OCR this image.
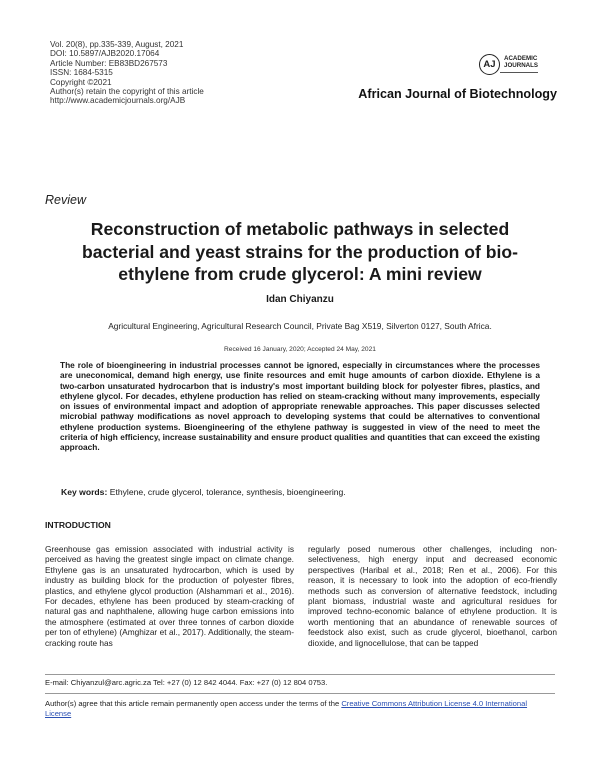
Vol. 20(8), pp.335-339, August, 2021
DOI: 10.5897/AJB2020.17064
Article Number: EB83BD267573
ISSN: 1684-5315
Copyright ©2021
Author(s) retain the copyright of this article
http://www.academicjournals.org/AJB
AJ
ACADEMIC
JOURNALS
African Journal of Biotechnology
Review
Reconstruction of metabolic pathways in selected bacterial and yeast strains for the production of bio-ethylene from crude glycerol: A mini review
Idan Chiyanzu
Agricultural Engineering, Agricultural Research Council, Private Bag X519, Silverton 0127, South Africa.
Received 16 January, 2020; Accepted 24 May, 2021
The role of bioengineering in industrial processes cannot be ignored, especially in circumstances where the processes are uneconomical, demand high energy, use finite resources and emit huge amounts of carbon dioxide. Ethylene is a two-carbon unsaturated hydrocarbon that is industry's most important building block for polyester fibres, plastics, and ethylene glycol. For decades, ethylene production has relied on steam-cracking without many improvements, especially on issues of environmental impact and adoption of appropriate renewable approaches. This paper discusses selected microbial pathway modifications as novel approach to developing systems that could be alternatives to conventional ethylene production systems. Bioengineering of the ethylene pathway is suggested in view of the need to meet the criteria of high efficiency, increase sustainability and ensure product qualities and quantities that can exceed the existing approach.
Key words: Ethylene, crude glycerol, tolerance, synthesis, bioengineering.
INTRODUCTION
Greenhouse gas emission associated with industrial activity is perceived as having the greatest single impact on climate change. Ethylene gas is an unsaturated hydrocarbon, which is used by industry as building block for the production of polyester fibres, plastics, and ethylene glycol production (Alshammari et al., 2016). For decades, ethylene has been produced by steam-cracking of natural gas and naphthalene, allowing huge carbon emissions into the atmosphere (estimated at over three tonnes of carbon dioxide per ton of ethylene) (Amghizar et al., 2017). Additionally, the steam-cracking route has
regularly posed numerous other challenges, including non-selectiveness, high energy input and decreased economic perspectives (Haribal et al., 2018; Ren et al., 2006). For this reason, it is necessary to look into the adoption of eco-friendly methods such as conversion of alternative feedstock, including plant biomass, industrial waste and agricultural residues for improved techno-economic balance of ethylene production. It is worth mentioning that an abundance of renewable sources of feedstock also exist, such as crude glycerol, bioethanol, carbon dioxide, and lignocellulose, that can be tapped
E-mail: Chiyanzul@arc.agric.za Tel: +27 (0) 12 842 4044. Fax: +27 (0) 12 804 0753.
Author(s) agree that this article remain permanently open access under the terms of the Creative Commons Attribution License 4.0 International License
